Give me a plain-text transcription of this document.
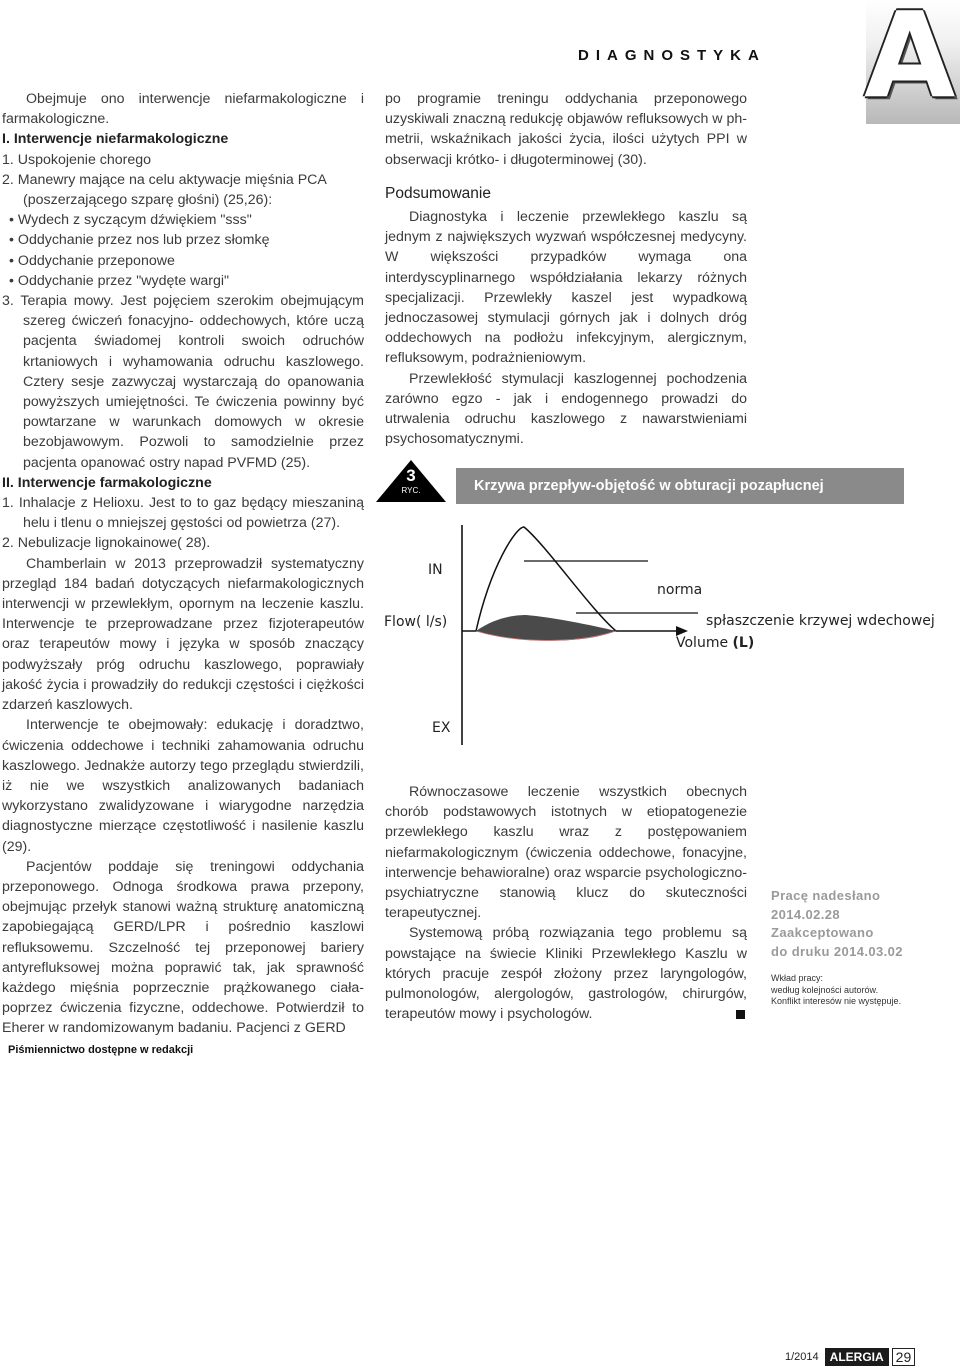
DIAGNOSTYKA A

Obejmuje ono interwencje niefarmakologiczne i farmakologiczne.

I. Interwencje niefarmakologiczne

1. Uspokojenie chorego

2. Manewry mające na celu aktywacje mięśnia PCA (poszerzającego szparę głośni) (25,26):

• Wydech z syczącym dźwiękiem "sss"

• Oddychanie przez nos lub przez słomkę

• Oddychanie przeponowe

• Oddychanie przez "wydęte wargi"

3. Terapia mowy. Jest pojęciem szerokim obejmującym szereg ćwiczeń fonacyjno- oddechowych, które uczą pacjenta świadomej kontroli swoich odruchów krtaniowych i wyhamowania odruchu kaszlowego. Cztery sesje zazwyczaj wystarczają do opanowania powyższych umiejętności. Te ćwiczenia powinny być powtarzane w warunkach domowych w okresie bezobjawowym. Pozwoli to samodzielnie przez pacjenta opanować ostry napad PVFMD (25).

II. Interwencje farmakologiczne

1. Inhalacje z Helioxu. Jest to to gaz będący mieszaniną helu i tlenu o mniejszej gęstości od powietrza (27).

2. Nebulizacje lignokainowe( 28).

Chamberlain w 2013 przeprowadził systematyczny przegląd 184 badań dotyczących niefarmakologicznych interwencji w przewlekłym, opornym na leczenie kaszlu. Interwencje te przeprowadzane przez fizjoterapeutów oraz terapeutów mowy i języka w sposób znaczący podwyższały próg odruchu kaszlowego, poprawiały jakość życia i prowadziły do redukcji częstości i ciężkości zdarzeń kaszlowych.

Interwencje te obejmowały: edukację i doradztwo, ćwiczenia oddechowe i techniki zahamowania odruchu kaszlowego. Jednakże autorzy tego przeglądu stwierdzili, iż nie we wszystkich analizowanych badaniach wykorzystano zwalidyzowane i wiarygodne narzędzia diagnostyczne mierzące częstotliwość i nasilenie kaszlu (29).

Pacjentów poddaje się treningowi oddychania przeponowego. Odnoga środkowa prawa przepony, obejmując przełyk stanowi ważną strukturę anatomiczną zapobiegającą GERD/LPR i pośrednio kaszlowi refluksowemu. Szczelność tej przeponowej bariery antyrefluksowej można poprawić tak, jak sprawność każdego mięśnia poprzecznie prążkowanego ciała- poprzez ćwiczenia fizyczne, oddechowe. Potwierdził to Eherer w randomizowanym badaniu. Pacjenci z GERD

po programie treningu oddychania przeponowego uzyskiwali znaczną redukcję objawów refluksowych w ph-metrii, wskaźnikach jakości życia, ilości użytych PPI w obserwacji krótko- i długoterminowej (30).

Podsumowanie

Diagnostyka i leczenie przewlekłego kaszlu są jednym z największych wyzwań współczesnej medycyny. W większości przypadków wymaga ona interdyscyplinarnego współdziałania lekarzy różnych specjalizacji. Przewlekły kaszel jest wypadkową jednoczasowej stymulacji górnych jak i dolnych dróg oddechowych na podłożu infekcyjnym, alergicznym, refluksowym, podrażnieniowym.

Przewlekłość stymulacji kaszlogennej pochodzenia zarówno egzo - jak i endogennego prowadzi do utrwalenia odruchu kaszlowego z nawarstwieniami psychosomatycznymi.

3
RYC.	Krzywa przepływ-objętość w obturacji pozapłucnej
IN
EX
Flow( l/s)
norma
spłaszczenie krzywej wdechowej
Volume (L)

Równoczasowe leczenie wszystkich obecnych chorób podstawowych istotnych w etiopatogenezie przewlekłego kaszlu wraz z postępowaniem niefarmakologicznym (ćwiczenia oddechowe, fonacyjne, interwencje behawioralne) oraz wsparcie psychologiczno-psychiatryczne stanowią klucz do skuteczności terapeutycznej.

Systemową próbą rozwiązania tego problemu są powstające na świecie Kliniki Przewlekłego Kaszlu w których pracuje zespół złożony przez laryngologów, pulmonologów, alergologów, gastrologów, chirurgów, terapeutów mowy i psychologów.

Pracę nadesłano
2014.02.28
Zaakceptowano
do druku 2014.03.02
Wkład pracy:
według kolejności autorów.
Konflikt interesów nie występuje.
Piśmiennictwo dostępne w redakcji
1/2014 ALERGIA 29
